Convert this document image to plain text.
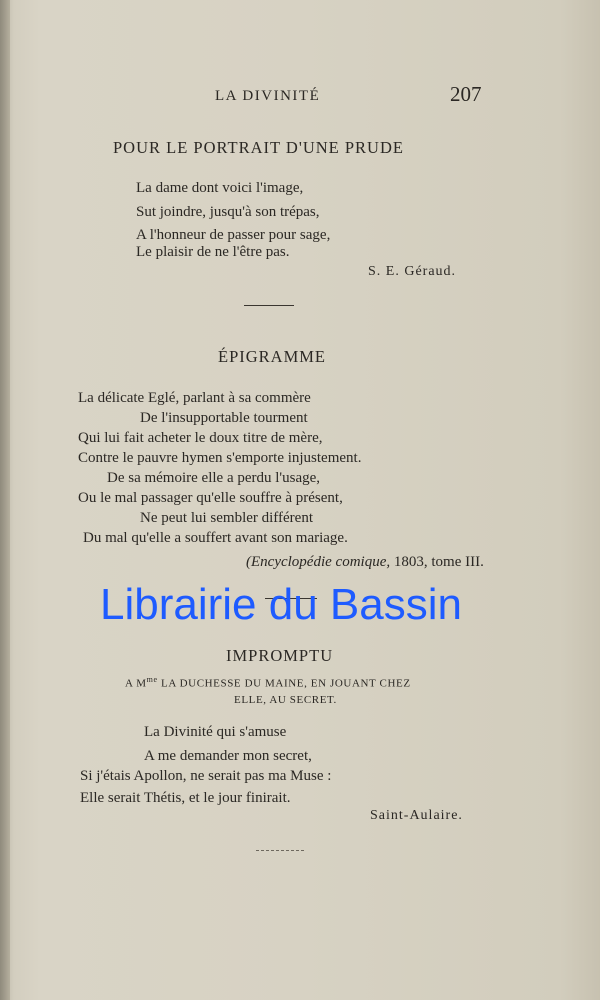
LA DIVINITÉ	207
POUR LE PORTRAIT D'UNE PRUDE
La dame dont voici l'image,
Sut joindre, jusqu'à son trépas,
A l'honneur de passer pour sage,
Le plaisir de ne l'être pas.
S. E. Géraud.
ÉPIGRAMME
La délicate Eglé, parlant à sa commère
De l'insupportable tourment
Qui lui fait acheter le doux titre de mère,
Contre le pauvre hymen s'emporte injustement.
De sa mémoire elle a perdu l'usage,
Ou le mal passager qu'elle souffre à présent,
Ne peut lui sembler différent
Du mal qu'elle a souffert avant son mariage.
(Encyclopédie comique, 1803, tome III.
IMPROMPTU
A $M^{me}$ LA DUCHESSE DU MAINE, EN JOUANT CHEZ
ELLE, AU SECRET.
La Divinité qui s'amuse
A me demander mon secret,
Si j'étais Apollon, ne serait pas ma Muse :
Elle serait Thétis, et le jour finirait.
Saint-Aulaire.
Librairie du Bassin
